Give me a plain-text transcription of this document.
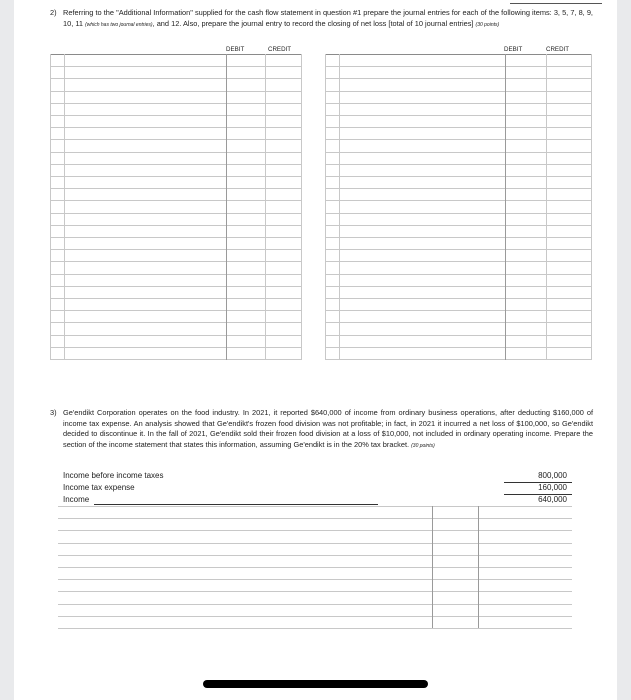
2) Referring to the "Additional Information" supplied for the cash flow statement in question #1 prepare the journal entries for each of the following items: 3, 5, 7, 8, 9, 10, 11 (which has two journal entries), and 12. Also, prepare the journal entry to record the closing of net loss [total of 10 journal entries] (30 points)
DEBIT	CREDIT	DEBIT	CREDIT
3) Ge'endikt Corporation operates on the food industry. In 2021, it reported $640,000 of income from ordinary business operations, after deducting $160,000 of income tax expense. An analysis showed that Ge'endikt's frozen food division was not profitable; in fact, in 2021 it incurred a net loss of $100,000, so Ge'endikt decided to discontinue it. In the fall of 2021, Ge'endikt sold their frozen food division at a loss of $10,000, not included in ordinary operating income. Prepare the section of the income statement that states this information, assuming Ge'endikt is in the 20% tax bracket. (30 points)
Income before income taxes	800,000
Income tax expense	160,000
Income	640,000
